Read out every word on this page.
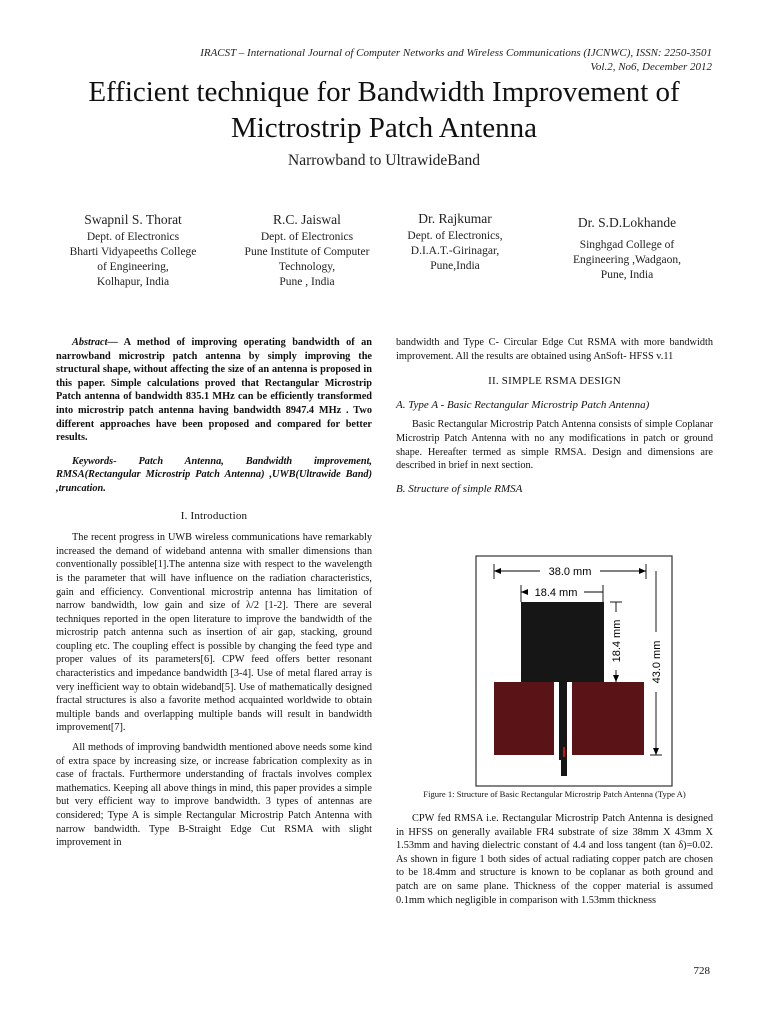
IRACST – International Journal of Computer Networks and Wireless Communications (IJCNWC), ISSN: 2250-3501
Vol.2, No6, December 2012
Efficient technique for Bandwidth Improvement of
Mictrostrip Patch Antenna
Narrowband to UltrawideBand
Swapnil S. Thorat
Dept. of Electronics
Bharti Vidyapeeths College
of Engineering,
Kolhapur, India
R.C. Jaiswal
Dept. of Electronics
Pune Institute of Computer
Technology,
Pune , India
Dr. Rajkumar
Dept. of Electronics,
D.I.A.T.-Girinagar,
Pune,India
Dr. S.D.Lokhande
Singhgad College of
Engineering ,Wadgaon,
Pune, India

Abstract— A method of improving operating bandwidth of an narrowband microstrip patch antenna by simply improving the structural shape, without affecting the size of an antenna is proposed in this paper. Simple calculations proved that Rectangular Microstrip Patch antenna of bandwidth 835.1 MHz can be efficiently transformed into microstrip patch antenna having bandwidth 8947.4 MHz . Two different approaches have been proposed and compared for better results.

Keywords- Patch Antenna, Bandwidth improvement, RMSA(Rectangular Microstrip Patch Antenna) ,UWB(Ultrawide Band) ,truncation.

I. Introduction

The recent progress in UWB wireless communications have remarkably increased the demand of wideband antenna with smaller dimensions than conventionally possible[1].The antenna size with respect to the wavelength is the parameter that will have influence on the radiation characteristics, gain and efficiency. Conventional microstrip antenna has limitation of narrow bandwidth, low gain and size of λ/2 [1-2]. There are several techniques reported in the open literature to improve the bandwidth of the microstrip patch antenna such as insertion of air gap, stacking, ground coupling etc. The coupling effect is possible by changing the feed type and proper values of its parameters[6]. CPW feed offers better resonant characteristics and impedance bandwidth [3-4]. Use of metal flared array is very inefficient way to obtain wideband[5]. Use of mathematically designed fractal structures is also a favorite method acquainted worldwide to obtain multiple bands and overlapping multiple bands will result in bandwidth improvement[7].

All methods of improving bandwidth mentioned above needs some kind of extra space by increasing size, or increase fabrication complexity as in case of fractals. Furthermore understanding of fractals involves complex mathematics. Keeping all above things in mind, this paper provides a simple but very efficient way to improve bandwidth. 3 types of antennas are considered; Type A is simple Rectangular Microstrip Patch Antenna with narrow bandwidth. Type B-Straight Edge Cut RSMA with slight improvement in

bandwidth and Type C- Circular Edge Cut RSMA with more bandwidth improvement. All the results are obtained using AnSoft- HFSS v.11

II. SIMPLE RSMA DESIGN
A. Type A - Basic Rectangular Microstrip Patch Antenna)

Basic Rectangular Microstrip Patch Antenna consists of simple Coplanar Microstrip Patch Antenna with no any modifications in patch or ground shape. Hereafter termed as simple RMSA. Design and dimensions are described in brief in next section.

B. Structure of simple RMSA
38.0 mm
18.4 mm
18.4 mm	43.0 mm
Figure 1: Structure of Basic Rectangular Microstrip Patch Antenna (Type A)

CPW fed RMSA i.e. Rectangular Microstrip Patch Antenna is designed in HFSS on generally available FR4 substrate of size 38mm X 43mm X 1.53mm and having dielectric constant of 4.4 and loss tangent (tan δ)=0.02. As shown in figure 1 both sides of actual radiating copper patch are chosen to be 18.4mm and structure is known to be coplanar as both ground and patch are on same plane. Thickness of the copper material is assumed 0.1mm which negligible in comparison with 1.53mm thickness

728
